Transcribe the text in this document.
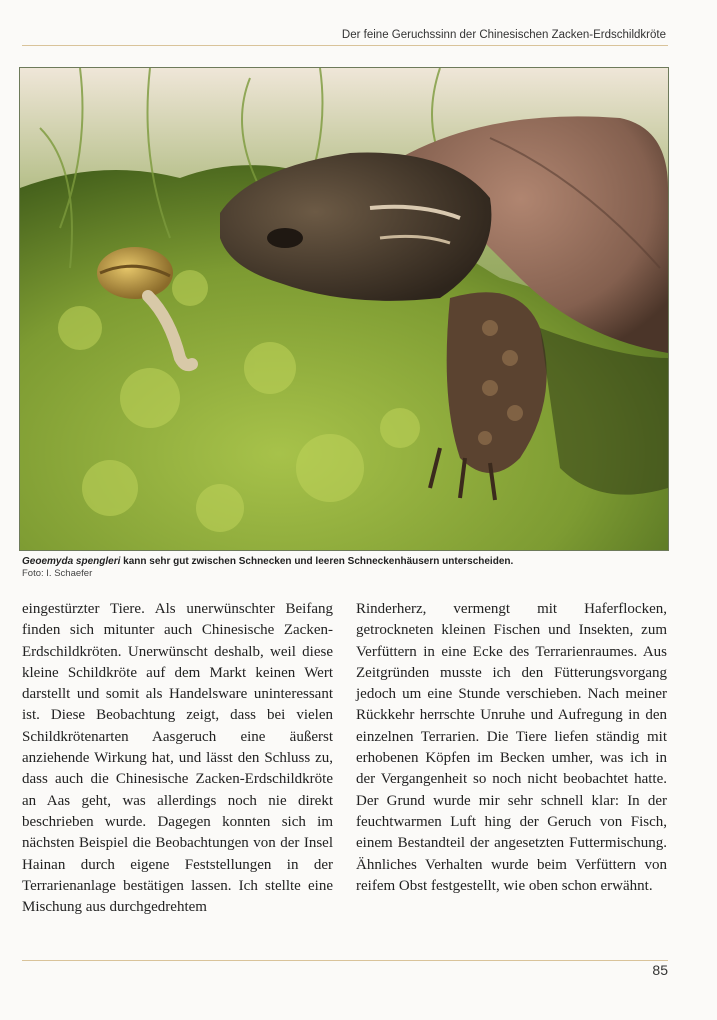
Der feine Geruchssinn der Chinesischen Zacken-Erdschildkröte
Geoemyda spengleri kann sehr gut zwischen Schnecken und leeren Schneckenhäusern unterscheiden.
Foto: I. Schaefer

eingestürzter Tiere. Als unerwünschter Beifang finden sich mitunter auch Chinesische Zacken-Erdschildkröten. Unerwünscht deshalb, weil diese kleine Schildkröte auf dem Markt keinen Wert darstellt und somit als Handelsware uninteressant ist. Diese Beobachtung zeigt, dass bei vielen Schildkrötenarten Aasgeruch eine äußerst anziehende Wirkung hat, und lässt den Schluss zu, dass auch die Chinesische Zacken-Erdschildkröte an Aas geht, was allerdings noch nie direkt beschrieben wurde. Dagegen konnten sich im nächsten Beispiel die Beobachtungen von der Insel Hainan durch eigene Feststellungen in der Terrarienanlage bestätigen lassen. Ich stellte eine Mischung aus durchgedrehtem

Rinderherz, vermengt mit Haferflocken, getrockneten kleinen Fischen und Insekten, zum Verfüttern in eine Ecke des Terrarienraumes. Aus Zeitgründen musste ich den Fütterungsvorgang jedoch um eine Stunde verschieben. Nach meiner Rückkehr herrschte Unruhe und Aufregung in den einzelnen Terrarien. Die Tiere liefen ständig mit erhobenen Köpfen im Becken umher, was ich in der Vergangenheit so noch nicht beobachtet hatte. Der Grund wurde mir sehr schnell klar: In der feuchtwarmen Luft hing der Geruch von Fisch, einem Bestandteil der angesetzten Futtermischung. Ähnliches Verhalten wurde beim Verfüttern von reifem Obst festgestellt, wie oben schon erwähnt.

85
